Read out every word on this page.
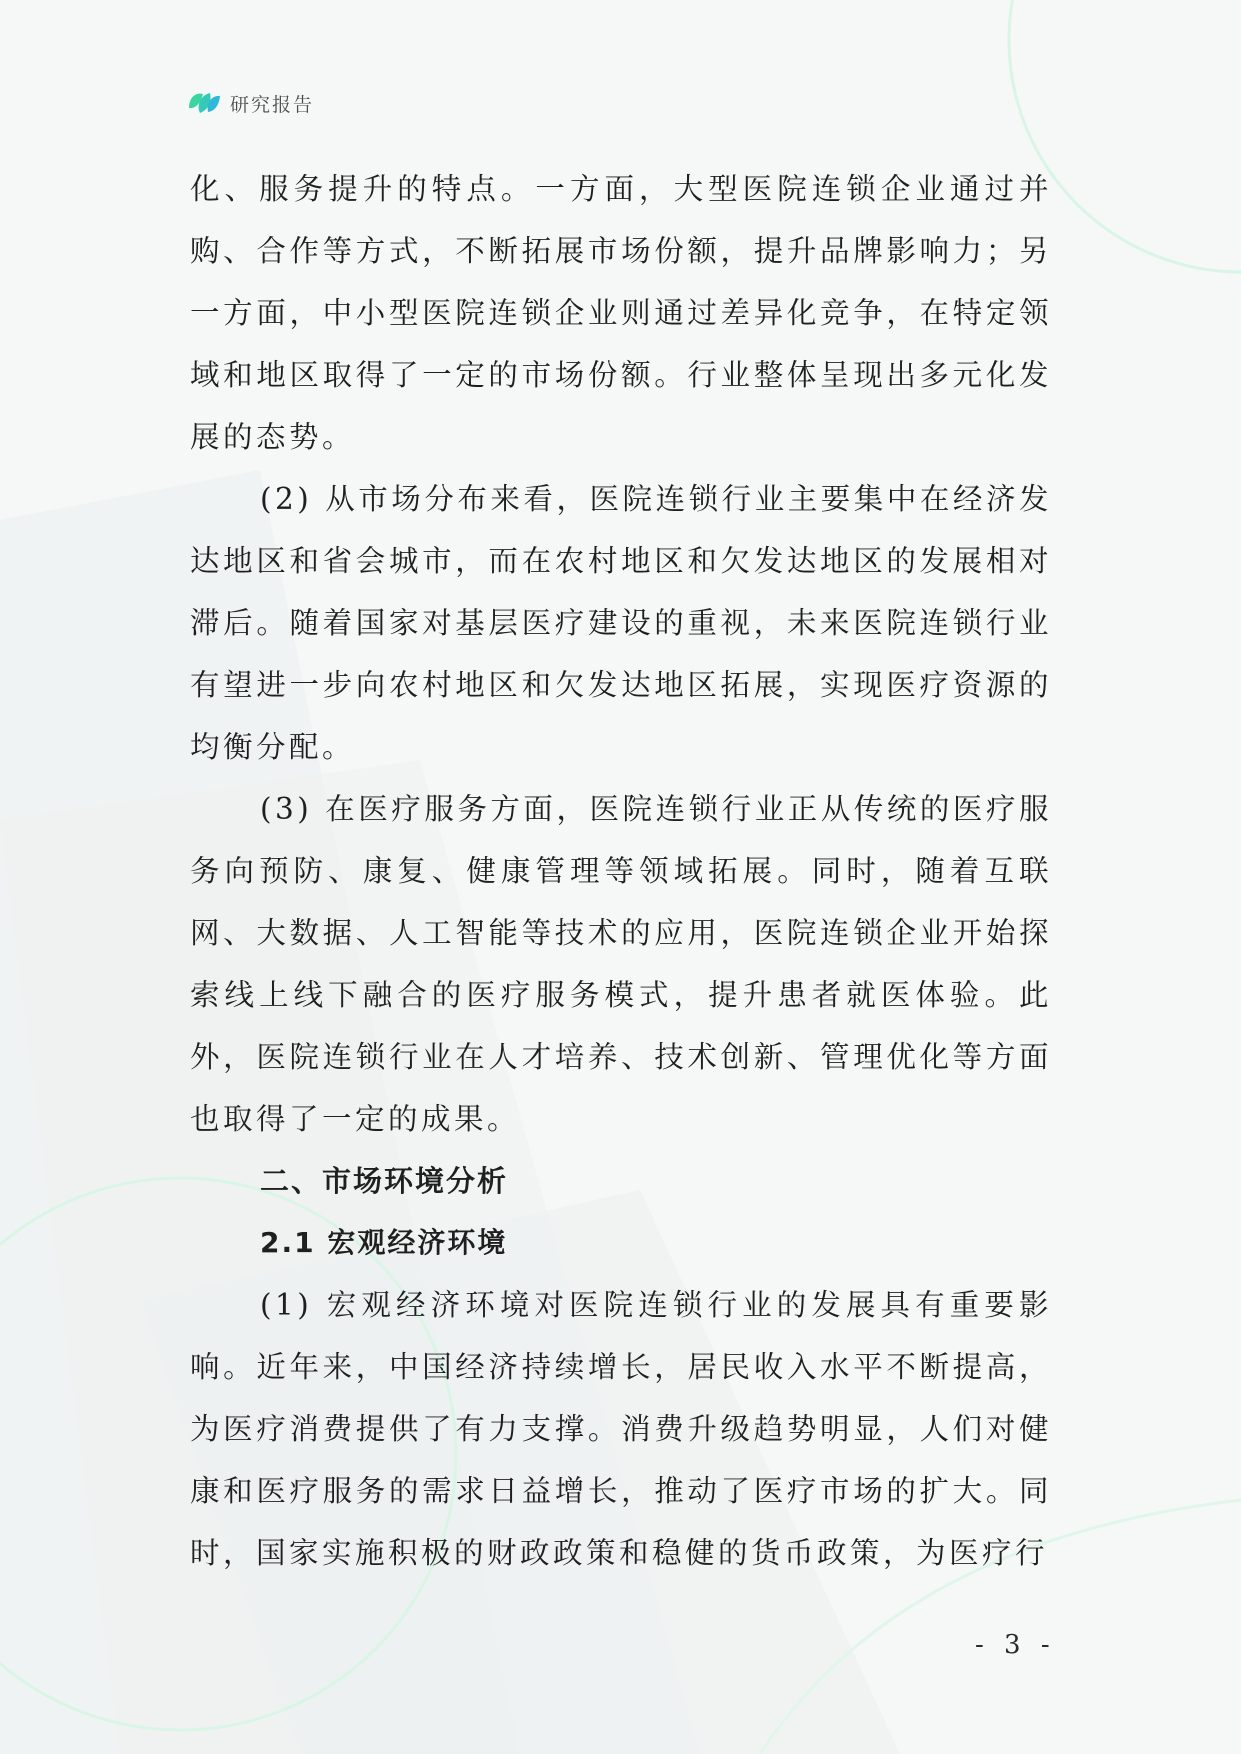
研究报告

化、服务提升的特点。一方面，大型医院连锁企业通过并购、合作等方式，不断拓展市场份额，提升品牌影响力；另一方面，中小型医院连锁企业则通过差异化竞争，在特定领域和地区取得了一定的市场份额。行业整体呈现出多元化发展的态势。

(2) 从市场分布来看，医院连锁行业主要集中在经济发达地区和省会城市，而在农村地区和欠发达地区的发展相对滞后。随着国家对基层医疗建设的重视，未来医院连锁行业有望进一步向农村地区和欠发达地区拓展，实现医疗资源的均衡分配。

(3) 在医疗服务方面，医院连锁行业正从传统的医疗服务向预防、康复、健康管理等领域拓展。同时，随着互联网、大数据、人工智能等技术的应用，医院连锁企业开始探索线上线下融合的医疗服务模式，提升患者就医体验。此外，医院连锁行业在人才培养、技术创新、管理优化等方面也取得了一定的成果。

二、市场环境分析
2.1 宏观经济环境

(1) 宏观经济环境对医院连锁行业的发展具有重要影响。近年来，中国经济持续增长，居民收入水平不断提高，为医疗消费提供了有力支撑。消费升级趋势明显，人们对健康和医疗服务的需求日益增长，推动了医疗市场的扩大。同时，国家实施积极的财政政策和稳健的货币政策，为医疗行

- 3 -
